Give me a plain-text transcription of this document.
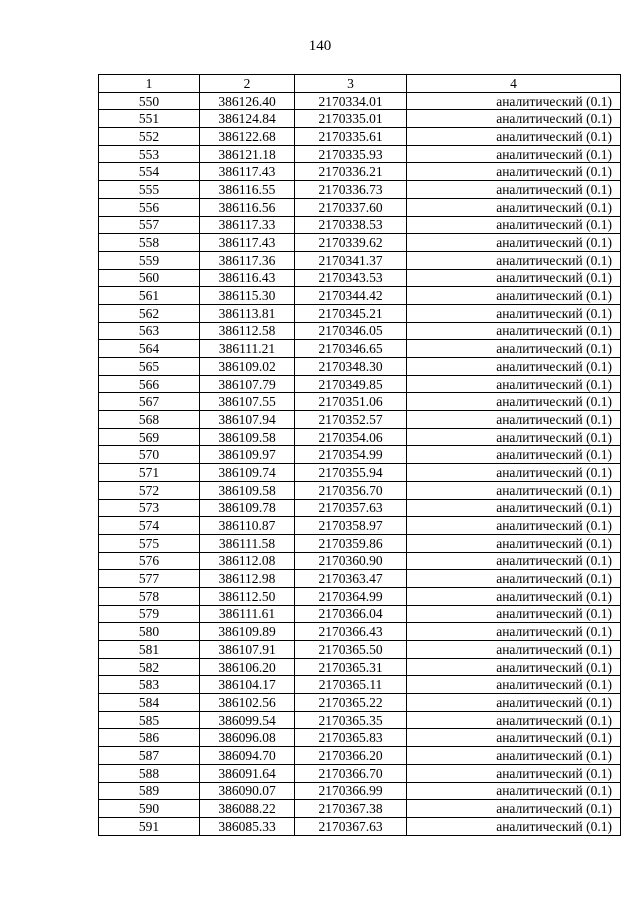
140
1	2	3	4
550	386126.40	2170334.01	аналитический (0.1)
551	386124.84	2170335.01	аналитический (0.1)
552	386122.68	2170335.61	аналитический (0.1)
553	386121.18	2170335.93	аналитический (0.1)
554	386117.43	2170336.21	аналитический (0.1)
555	386116.55	2170336.73	аналитический (0.1)
556	386116.56	2170337.60	аналитический (0.1)
557	386117.33	2170338.53	аналитический (0.1)
558	386117.43	2170339.62	аналитический (0.1)
559	386117.36	2170341.37	аналитический (0.1)
560	386116.43	2170343.53	аналитический (0.1)
561	386115.30	2170344.42	аналитический (0.1)
562	386113.81	2170345.21	аналитический (0.1)
563	386112.58	2170346.05	аналитический (0.1)
564	386111.21	2170346.65	аналитический (0.1)
565	386109.02	2170348.30	аналитический (0.1)
566	386107.79	2170349.85	аналитический (0.1)
567	386107.55	2170351.06	аналитический (0.1)
568	386107.94	2170352.57	аналитический (0.1)
569	386109.58	2170354.06	аналитический (0.1)
570	386109.97	2170354.99	аналитический (0.1)
571	386109.74	2170355.94	аналитический (0.1)
572	386109.58	2170356.70	аналитический (0.1)
573	386109.78	2170357.63	аналитический (0.1)
574	386110.87	2170358.97	аналитический (0.1)
575	386111.58	2170359.86	аналитический (0.1)
576	386112.08	2170360.90	аналитический (0.1)
577	386112.98	2170363.47	аналитический (0.1)
578	386112.50	2170364.99	аналитический (0.1)
579	386111.61	2170366.04	аналитический (0.1)
580	386109.89	2170366.43	аналитический (0.1)
581	386107.91	2170365.50	аналитический (0.1)
582	386106.20	2170365.31	аналитический (0.1)
583	386104.17	2170365.11	аналитический (0.1)
584	386102.56	2170365.22	аналитический (0.1)
585	386099.54	2170365.35	аналитический (0.1)
586	386096.08	2170365.83	аналитический (0.1)
587	386094.70	2170366.20	аналитический (0.1)
588	386091.64	2170366.70	аналитический (0.1)
589	386090.07	2170366.99	аналитический (0.1)
590	386088.22	2170367.38	аналитический (0.1)
591	386085.33	2170367.63	аналитический (0.1)
